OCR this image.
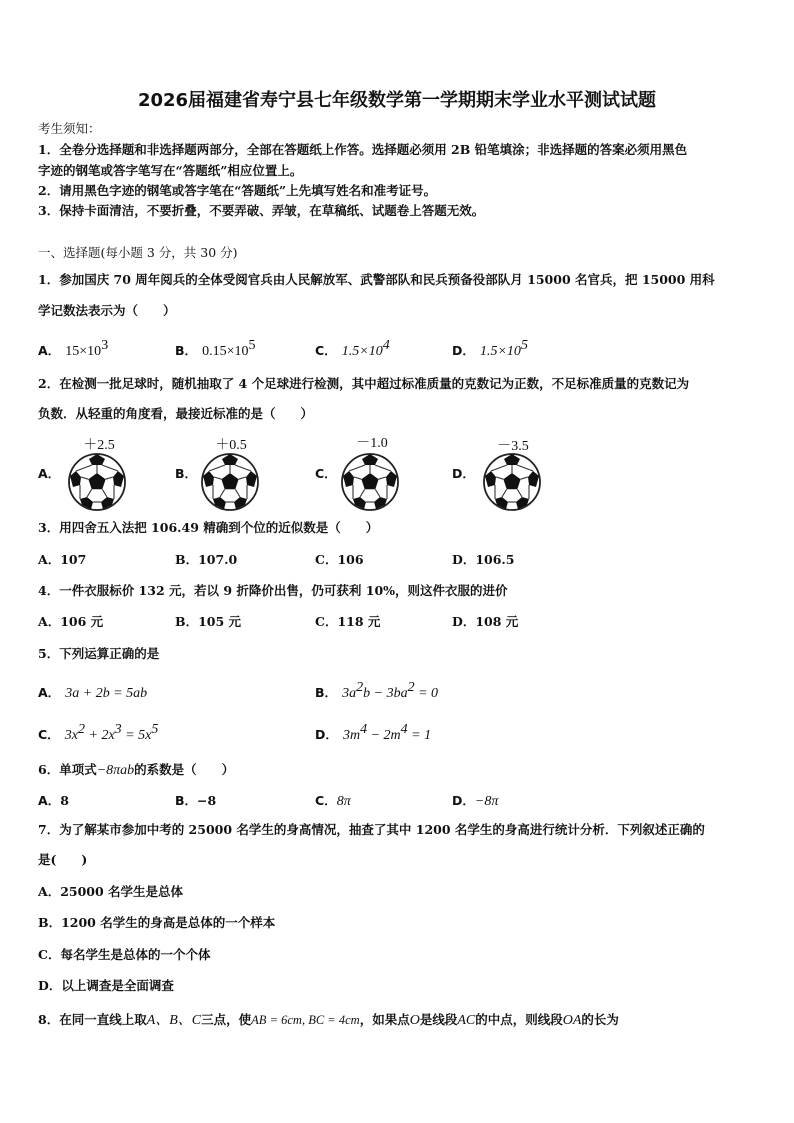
2026届福建省寿宁县七年级数学第一学期期末学业水平测试试题
考生须知：
1．全卷分选择题和非选择题两部分，全部在答题纸上作答。选择题必须用 2B 铅笔填涂；非选择题的答案必须用黑色
字迹的钢笔或答字笔写在“答题纸”相应位置上。
2．请用黑色字迹的钢笔或答字笔在“答题纸”上先填写姓名和准考证号。
3．保持卡面清洁，不要折叠，不要弄破、弄皱，在草稿纸、试题卷上答题无效。
一、选择题(每小题 3 分，共 30 分)
1．参加国庆 70 周年阅兵的全体受阅官兵由人民解放军、武警部队和民兵预备役部队月 15000 名官兵，把 15000 用科
学记数法表示为（　　）
A． $15\times 10^3$	B． $0.15\times 10^5$	C． $1.5\times 10^4$	D． $1.5\times 10^5$
2．在检测一批足球时，随机抽取了 4 个足球进行检测，其中超过标准质量的克数记为正数，不足标准质量的克数记为
负数．从轻重的角度看，最接近标准的是（　　）
＋2.5	＋0.5	－1.0	－3.5
A．	B．	C．	D．
3．用四舍五入法把 106.49 精确到个位的近似数是（　　）
A．107	B．107.0	C．106	D．106.5
4．一件衣服标价 132 元，若以 9 折降价出售，仍可获利 10%，则这件衣服的进价
A．106 元	B．105 元	C．118 元	D．108 元
5．下列运算正确的是
A． 3a + 2b = 5ab	B． $3a^2b - 3ba^2 = 0$
C． $3x^2 + 2x^3 = 5x^5$	D． $3m^4 - 2m^4 = 1$
6．单项式−8πab的系数是（　　）
A．8	B．−8	C．8π	D．−8π
7．为了解某市参加中考的 25000 名学生的身高情况，抽查了其中 1200 名学生的身高进行统计分析．下列叙述正确的
是(　　)
A．25000 名学生是总体
B．1200 名学生的身高是总体的一个样本
C．每名学生是总体的一个个体
D．以上调查是全面调查
8．在同一直线上取A、B、C三点，使AB = 6cm, BC = 4cm，如果点O是线段AC的中点，则线段OA的长为
